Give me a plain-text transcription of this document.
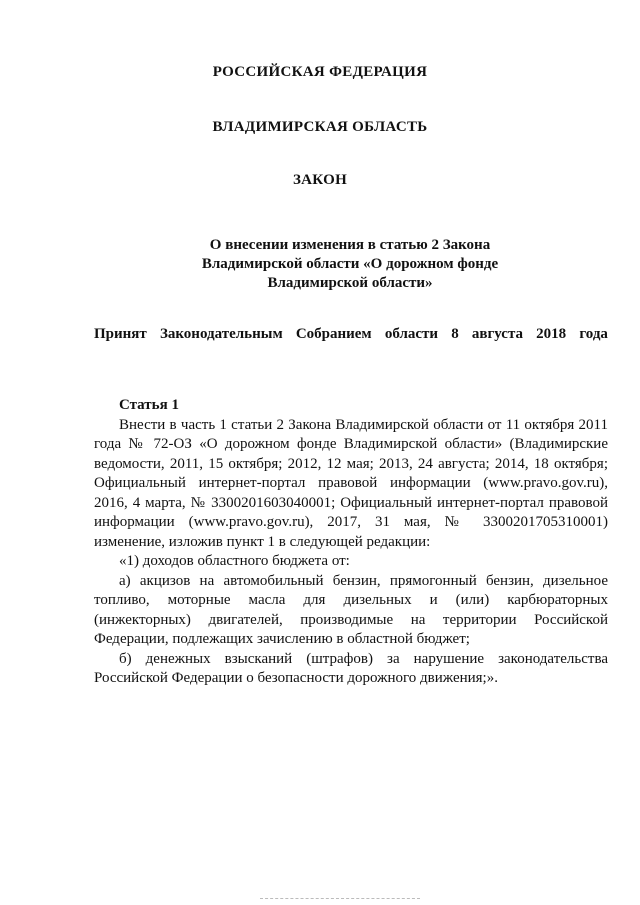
РОССИЙСКАЯ ФЕДЕРАЦИЯ
ВЛАДИМИРСКАЯ ОБЛАСТЬ
ЗАКОН
О внесении изменения в статью 2 Закона
Владимирской области «О дорожном фонде
Владимирской области»
Принят Законодательным Собранием области 8 августа 2018 года
Статья 1

Внести в часть 1 статьи 2 Закона Владимирской области от 11 октября 2011 года № 72-ОЗ «О дорожном фонде Владимирской области» (Владимирские ведомости, 2011, 15 октября; 2012, 12 мая; 2013, 24 августа; 2014, 18 октября; Официальный интернет-портал правовой информации (www.pravo.gov.ru), 2016, 4 марта, № 3300201603040001; Официальный интернет-портал правовой информации (www.pravo.gov.ru), 2017, 31 мая, № 3300201705310001) изменение, изложив пункт 1 в следующей редакции:

«1) доходов областного бюджета от:

а) акцизов на автомобильный бензин, прямогонный бензин, дизельное топливо, моторные масла для дизельных и (или) карбюраторных (инжекторных) двигателей, производимые на территории Российской Федерации, подлежащих зачислению в областной бюджет;

б) денежных взысканий (штрафов) за нарушение законодательства Российской Федерации о безопасности дорожного движения;».
